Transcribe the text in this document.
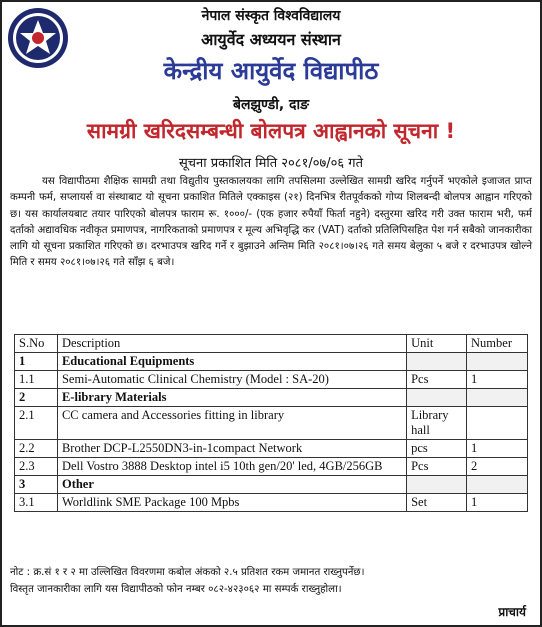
नेपाल संस्कृत विश्वविद्यालय
आयुर्वेद अध्ययन संस्थान
केन्द्रीय आयुर्वेद विद्यापीठ
बेलझुण्डी, दाङ
सामग्री खरिदसम्बन्धी बोलपत्र आह्वानको सूचना !
सूचना प्रकाशित मिति २०८१/०७/०६ गते
यस विद्यापीठमा शैक्षिक सामग्री तथा विद्युतीय पुस्तकालयका लागि तपसिलमा उल्लेखित सामग्री खरिद गर्नुपर्ने भएकोले इजाजत प्राप्त कम्पनी फर्म, सप्लायर्स वा संस्थाबाट यो सूचना प्रकाशित मितिले एक्काइस (२१) दिनभित्र रीतपूर्वकको गोप्य शिलबन्दी बोलपत्र आह्वान गरिएको छ। यस कार्यालयबाट तयार पारिएको बोलपत्र फाराम रू. १०००/- (एक हजार रुपैयाँ फिर्ता नहुने) दस्तुरमा खरिद गरी उक्त फाराम भरी, फर्म दर्ताको अद्यावधिक नवीकृत प्रमाणपत्र, नागरिकताको प्रमाणपत्र र मूल्य अभिवृद्धि कर (VAT) दर्ताको प्रतिलिपिसहित पेश गर्न सबैको जानकारीका लागि यो सूचना प्रकाशित गरिएको छ। दरभाउपत्र खरिद गर्ने र बुझाउने अन्तिम मिति २०८१।०७।२६ गते समय बेलुका ५ बजे र दरभाउपत्र खोल्ने मिति र समय २०८१।०७।२६ गते साँझ ६ बजे।
S.No	Description	Unit	Number
1	Educational Equipments		
1.1	Semi-Automatic Clinical Chemistry (Model : SA-20)	Pcs	1
2	E-library Materials		
2.1	CC camera and Accessories fitting in library	Library hall	
2.2	Brother DCP-L2550DN3-in-1compact Network	pcs	1
2.3	Dell Vostro 3888 Desktop intel i5 10th gen/20' led, 4GB/256GB	Pcs	2
3	Other		
3.1	Worldlink SME Package 100 Mpbs	Set	1
नोट : क्र.सं १ र २ मा उल्लिखित विवरणमा कबोल अंकको २.५ प्रतिशत रकम जमानत राख्नुपर्नेछ।
विस्तृत जानकारीका लागि यस विद्यापीठको फोन नम्बर ०८२-४२३०६२ मा सम्पर्क राख्नुहोला।
प्राचार्य
